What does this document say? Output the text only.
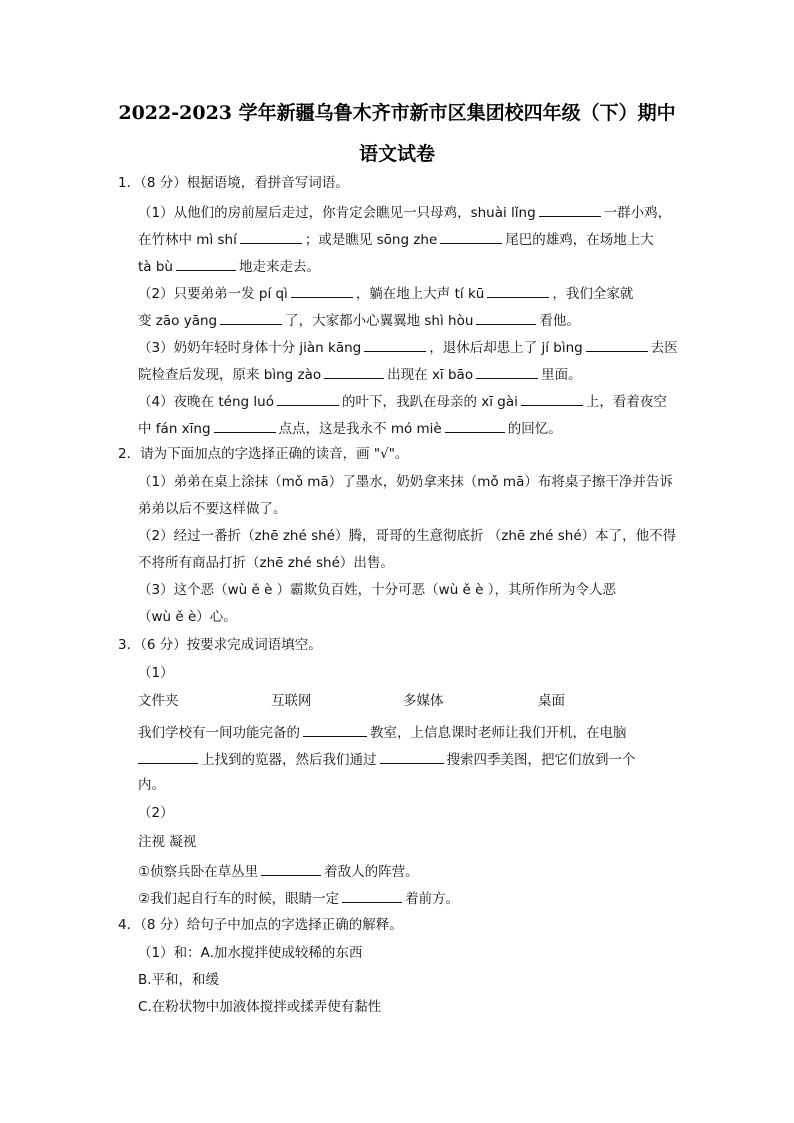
2022-2023 学年新疆乌鲁木齐市新市区集团校四年级（下）期中
语文试卷
1．（8 分）根据语境，看拼音写词语。
（1）从他们的房前屋后走过，你肯定会瞧见一只母鸡，shuài lǐng	一群小鸡，
在竹林中 mì shí	；或是瞧见 sōng zhe	尾巴的雄鸡，在场地上大
tà bù	地走来走去。
（2）只要弟弟一发 pí qì	，躺在地上大声 tí kū	，我们全家就
变 zāo yāng	了，大家都小心翼翼地 shì hòu	看他。
（3）奶奶年轻时身体十分 jiàn kāng	，退休后却患上了 jí bìng	去医
院检查后发现，原来 bìng zào	出现在 xī bāo	里面。
（4）夜晚在 téng luó	的叶下，我趴在母亲的 xī gài	上，看着夜空
中 fán xīng	点点，这是我永不 mó miè	的回忆。
2．请为下面加点的字选择正确的读音，画 "√"。
（1）弟弟在桌上涂抹（mǒ mā）了墨水，奶奶拿来抹（mǒ mā）布将桌子擦干净并告诉
弟弟以后不要这样做了。
（2）经过一番折（zhē zhé shé）腾，哥哥的生意彻底折 （zhē zhé shé）本了，他不得
不将所有商品打折（zhē zhé shé）出售。
（3）这个恶（wù ě è ）霸欺负百姓，十分可恶（wù ě è ），其所作所为令人恶
（wù ě è）心。
3．（6 分）按要求完成词语填空。
（1）
文件夹	互联网	多媒体	桌面
我们学校有一间功能完备的	教室，上信息课时老师让我们开机，在电脑
上找到的览器，然后我们通过	搜索四季美图，把它们放到一个
内。
（2）
注视 凝视
①侦察兵卧在草丛里	着敌人的阵营。
②我们起自行车的时候，眼睛一定	着前方。
4．（8 分）给句子中加点的字选择正确的解释。
（1）和：A.加水搅拌使成较稀的东西
B.平和，和缓
C.在粉状物中加液体搅拌或揉弄使有黏性
